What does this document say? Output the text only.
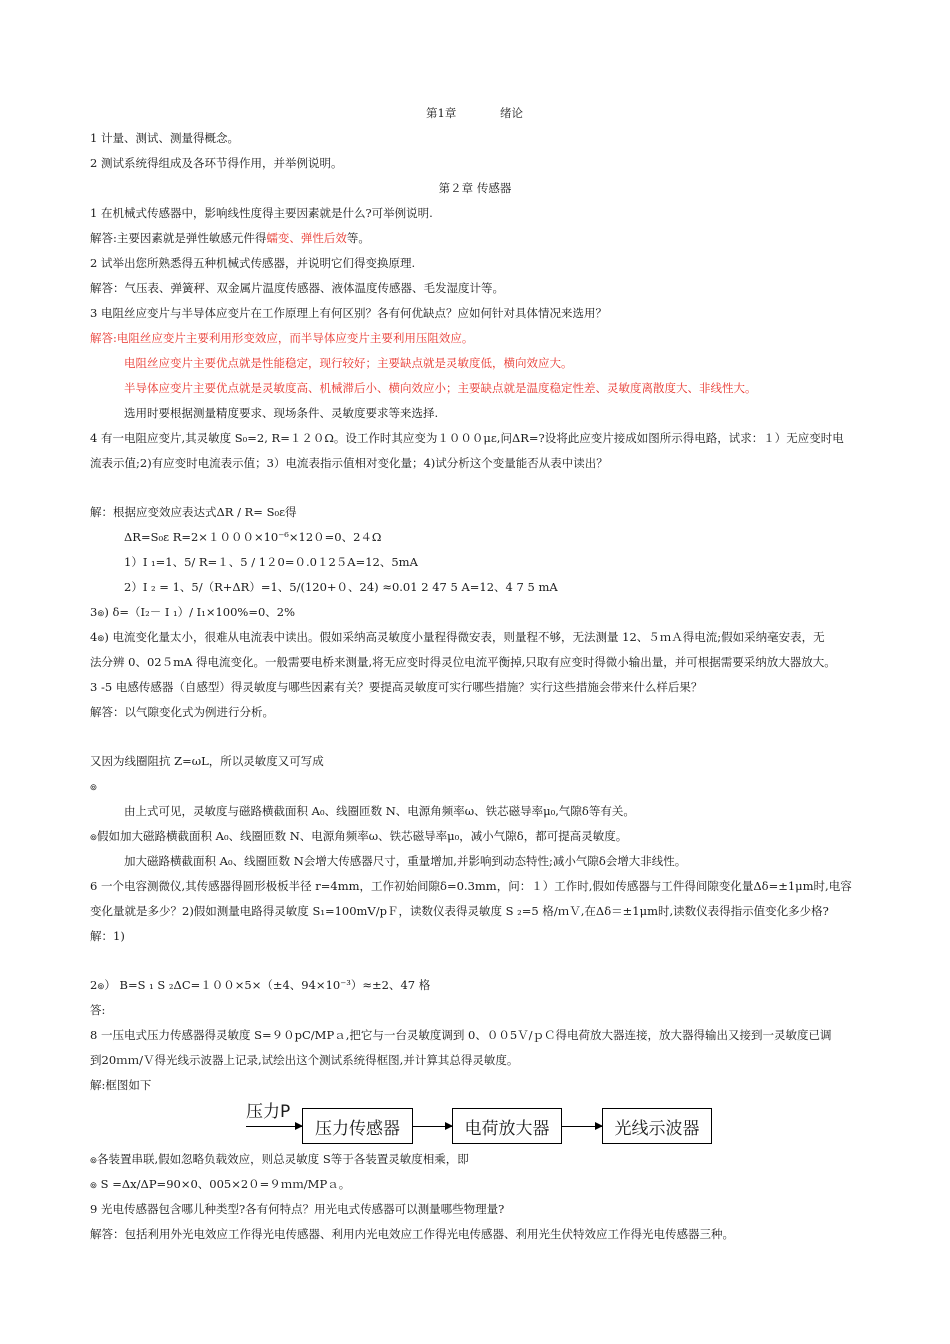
第1章	绪论
1 计量、测试、测量得概念。
2 测试系统得组成及各环节得作用，并举例说明。
第２章 传感器
1 在机械式传感器中，影响线性度得主要因素就是什么?可举例说明.
解答:主要因素就是弹性敏感元件得蠕变、弹性后效等。
2 试举出您所熟悉得五种机械式传感器，并说明它们得变换原理.
解答：气压表、弹簧秤、双金属片温度传感器、液体温度传感器、毛发湿度计等。
3 电阻丝应变片与半导体应变片在工作原理上有何区别？各有何优缺点？应如何针对具体情况来选用？
解答:电阻丝应变片主要利用形变效应，而半导体应变片主要利用压阻效应。
电阻丝应变片主要优点就是性能稳定，现行较好；主要缺点就是灵敏度低，横向效应大。
半导体应变片主要优点就是灵敏度高、机械滞后小、横向效应小；主要缺点就是温度稳定性差、灵敏度离散度大、非线性大。
选用时要根据测量精度要求、现场条件、灵敏度要求等来选择.
4 有一电阻应变片,其灵敏度 S₀=2, R=１２０Ω。设工作时其应变为１０００με,问ΔR=?设将此应变片接成如图所示得电路，试求：１）无应变时电
流表示值;2)有应变时电流表示值；3）电流表指示值相对变化量；4)试分析这个变量能否从表中读出？
解：根据应变效应表达式ΔR / R= S₀ε得
ΔR=S₀ε R=2×１０００×10⁻⁶×12０=0、2４Ω
1）I ₁=1、5/ R=１、5 / 1２0=０.0１2５A=12、5mA
2）I ₂ = 1、5/（R+ΔR）=1、5/(120+０、24) ≈0.01 2 47 5 A=12、4 7 5 mA
3๏) δ=（I₂－ I ₁）/ I₁×100%=0、2%
4๏) 电流变化量太小，很难从电流表中读出。假如采纳高灵敏度小量程得微安表，则量程不够，无法测量 12、５ｍＡ得电流;假如采纳毫安表，无
法分辨 0、02５mA 得电流变化。一般需要电桥来测量,将无应变时得灵位电流平衡掉,只取有应变时得微小输出量，并可根据需要采纳放大器放大。
3 -5 电感传感器（自感型）得灵敏度与哪些因素有关？要提高灵敏度可实行哪些措施？实行这些措施会带来什么样后果？
解答：以气隙变化式为例进行分析。
又因为线圈阻抗 Z=ωL，所以灵敏度又可写成
๏
由上式可见，灵敏度与磁路横截面积 A₀、线圈匝数 N、电源角频率ω、铁芯磁导率μ₀,气隙δ等有关。
๏假如加大磁路横截面积 A₀、线圈匝数 N、电源角频率ω、铁芯磁导率μ₀，减小气隙δ，都可提高灵敏度。
加大磁路横截面积 A₀、线圈匝数 N会增大传感器尺寸，重量增加,并影响到动态特性;减小气隙δ会增大非线性。
6 一个电容测微仪,其传感器得圆形极板半径 r=4mm，工作初始间隙δ=0.3mm，问：１）工作时,假如传感器与工件得间隙变化量Δδ=±1μm时,电容
变化量就是多少？2)假如测量电路得灵敏度 S₁=100mV/pＦ，读数仪表得灵敏度 S ₂=5 格/ｍＶ,在Δδ＝±1μm时,读数仪表得指示值变化多少格?
解：1)
2๏） B=S ₁ S ₂ΔC=１００×5×（±4、94×10⁻³）≈±2、47 格
答:
8 一压电式压力传感器得灵敏度 S=９０pC/MPａ,把它与一台灵敏度调到 0、００5Ｖ/ｐＣ得电荷放大器连接，放大器得输出又接到一灵敏度已调
到20ｍｍ/Ｖ得光线示波器上记录,试绘出这个测试系统得框图,并计算其总得灵敏度。
解:框图如下
压力P
压力传感器	电荷放大器	光线示波器
๏各装置串联,假如忽略负载效应，则总灵敏度 S等于各装置灵敏度相乘，即
๏ S =Δx/ΔP=90×0、005×2０=９ｍｍ/MPａ。
9 光电传感器包含哪儿种类型?各有何特点？用光电式传感器可以测量哪些物理量?
解答：包括利用外光电效应工作得光电传感器、利用内光电效应工作得光电传感器、利用光生伏特效应工作得光电传感器三种。
